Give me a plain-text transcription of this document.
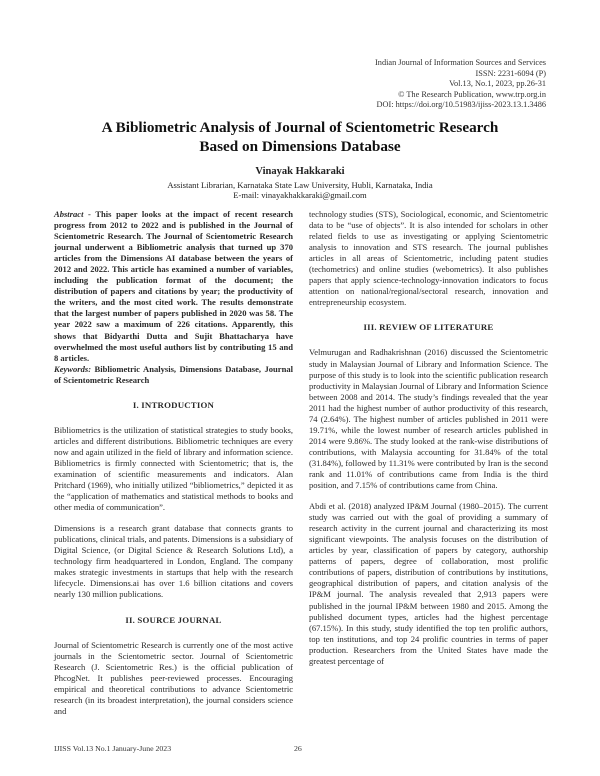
Indian Journal of Information Sources and Services
ISSN: 2231-6094 (P)
Vol.13, No.1, 2023, pp.26-31
© The Research Publication, www.trp.org.in
DOI: https://doi.org/10.51983/ijiss-2023.13.1.3486
A Bibliometric Analysis of Journal of Scientometric Research
Based on Dimensions Database
Vinayak Hakkaraki
Assistant Librarian, Karnataka State Law University, Hubli, Karnataka, India
E-mail: vinayakhakkaraki@gmail.com

Abstract - This paper looks at the impact of recent research progress from 2012 to 2022 and is published in the Journal of Scientometric Research. The Journal of Scientometric Research journal underwent a Bibliometric analysis that turned up 370 articles from the Dimensions AI database between the years of 2012 and 2022. This article has examined a number of variables, including the publication format of the document; the distribution of papers and citations by year; the productivity of the writers, and the most cited work. The results demonstrate that the largest number of papers published in 2020 was 58. The year 2022 saw a maximum of 226 citations. Apparently, this shows that Bidyarthi Dutta and Sujit Bhattacharya have overwhelmed the most useful authors list by contributing 15 and 8 articles.

Keywords: Bibliometric Analysis, Dimensions Database, Journal of Scientometric Research

I. INTRODUCTION

Bibliometrics is the utilization of statistical strategies to study books, articles and different distributions. Bibliometric techniques are every now and again utilized in the field of library and information science. Bibliometrics is firmly connected with Scientometric; that is, the examination of scientific measurements and indicators. Alan Pritchard (1969), who initially utilized “bibliometrics,” depicted it as the “application of mathematics and statistical methods to books and other media of communication”.

Dimensions is a research grant database that connects grants to publications, clinical trials, and patents. Dimensions is a subsidiary of Digital Science, (or Digital Science & Research Solutions Ltd), a technology firm headquartered in London, England. The company makes strategic investments in startups that help with the research lifecycle. Dimensions.ai has over 1.6 billion citations and covers nearly 130 million publications.

II. SOURCE JOURNAL

Journal of Scientometric Research is currently one of the most active journals in the Scientometric sector. Journal of Scientometric Research (J. Scientometric Res.) is the official publication of PhcogNet. It publishes peer-reviewed processes. Encouraging empirical and theoretical contributions to advance Scientometric research (in its broadest interpretation), the journal considers science and

technology studies (STS), Sociological, economic, and Scientometric data to be “use of objects”. It is also intended for scholars in other related fields to use as investigating or applying Scientometric analysis to innovation and STS research. The journal publishes articles in all areas of Scientometric, including patent studies (techometrics) and online studies (webometrics). It also publishes papers that apply science-technology-innovation indicators to focus attention on national/regional/sectoral research, innovation and entrepreneurship ecosystem.

III. REVIEW OF LITERATURE

Velmurugan and Radhakrishnan (2016) discussed the Scientometric study in Malaysian Journal of Library and Information Science. The purpose of this study is to look into the scientific publication research productivity in Malaysian Journal of Library and Information Science between 2008 and 2014. The study’s findings revealed that the year 2011 had the highest number of author productivity of this research, 74 (2.64%). The highest number of articles published in 2011 were 19.71%, while the lowest number of research articles published in 2014 were 9.86%. The study looked at the rank-wise distributions of contributions, with Malaysia accounting for 31.84% of the total (31.84%), followed by 11.31% were contributed by Iran is the second rank and 11.01% of contributions came from India is the third position, and 7.15% of contributions came from China.

Abdi et al. (2018) analyzed IP&M Journal (1980–2015). The current study was carried out with the goal of providing a summary of research activity in the current journal and characterizing its most significant viewpoints. The analysis focuses on the distribution of articles by year, classification of papers by category, authorship patterns of papers, degree of collaboration, most prolific contributions of papers, distribution of contributions by institutions, geographical distribution of papers, and citation analysis of the IP&M journal. The analysis revealed that 2,913 papers were published in the journal IP&M between 1980 and 2015. Among the published document types, articles had the highest percentage (67.15%). In this study, study identified the top ten prolific authors, top ten institutions, and top 24 prolific countries in terms of paper production. Researchers from the United States have made the greatest percentage of

IJISS Vol.13 No.1 January-June 2023	26
